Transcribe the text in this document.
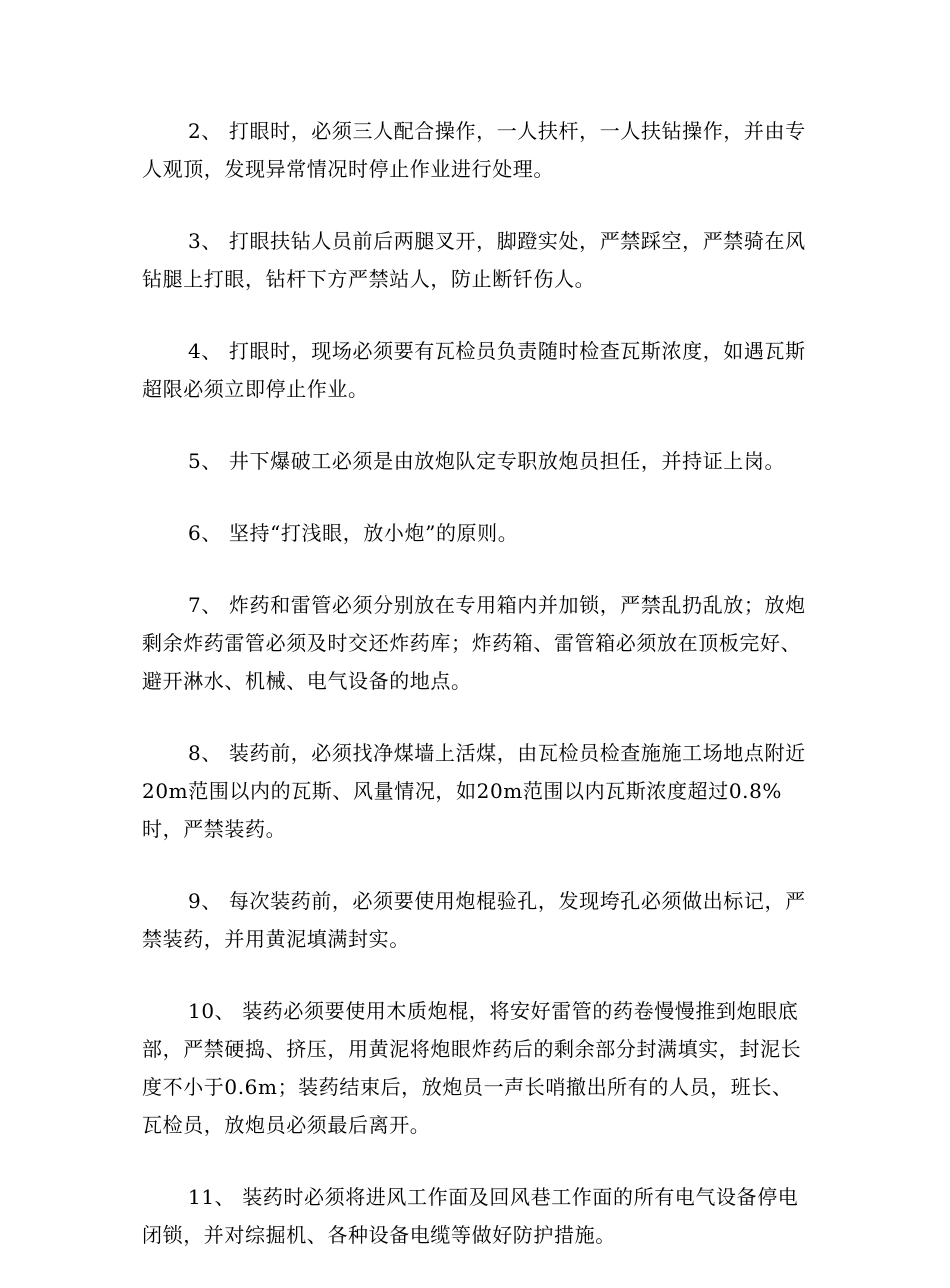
2、 打眼时，必须三人配合操作，一人扶杆，一人扶钻操作，并由专人观顶，发现异常情况时停止作业进行处理。

3、 打眼扶钻人员前后两腿叉开，脚蹬实处，严禁踩空，严禁骑在风钻腿上打眼，钻杆下方严禁站人，防止断钎伤人。

4、 打眼时，现场必须要有瓦检员负责随时检查瓦斯浓度，如遇瓦斯超限必须立即停止作业。

5、 井下爆破工必须是由放炮队定专职放炮员担任，并持证上岗。

6、 坚持“打浅眼，放小炮”的原则。

7、 炸药和雷管必须分别放在专用箱内并加锁，严禁乱扔乱放；放炮剩余炸药雷管必须及时交还炸药库；炸药箱、雷管箱必须放在顶板完好、避开淋水、机械、电气设备的地点。

8、 装药前，必须找净煤墙上活煤，由瓦检员检查施施工场地点附近20m范围以内的瓦斯、风量情况，如20m范围以内瓦斯浓度超过0.8%时，严禁装药。

9、 每次装药前，必须要使用炮棍验孔，发现垮孔必须做出标记，严禁装药，并用黄泥填满封实。

10、 装药必须要使用木质炮棍，将安好雷管的药卷慢慢推到炮眼底部，严禁硬捣、挤压，用黄泥将炮眼炸药后的剩余部分封满填实，封泥长度不小于0.6m；装药结束后，放炮员一声长哨撤出所有的人员，班长、瓦检员，放炮员必须最后离开。

11、 装药时必须将进风工作面及回风巷工作面的所有电气设备停电闭锁，并对综掘机、各种设备电缆等做好防护措施。
